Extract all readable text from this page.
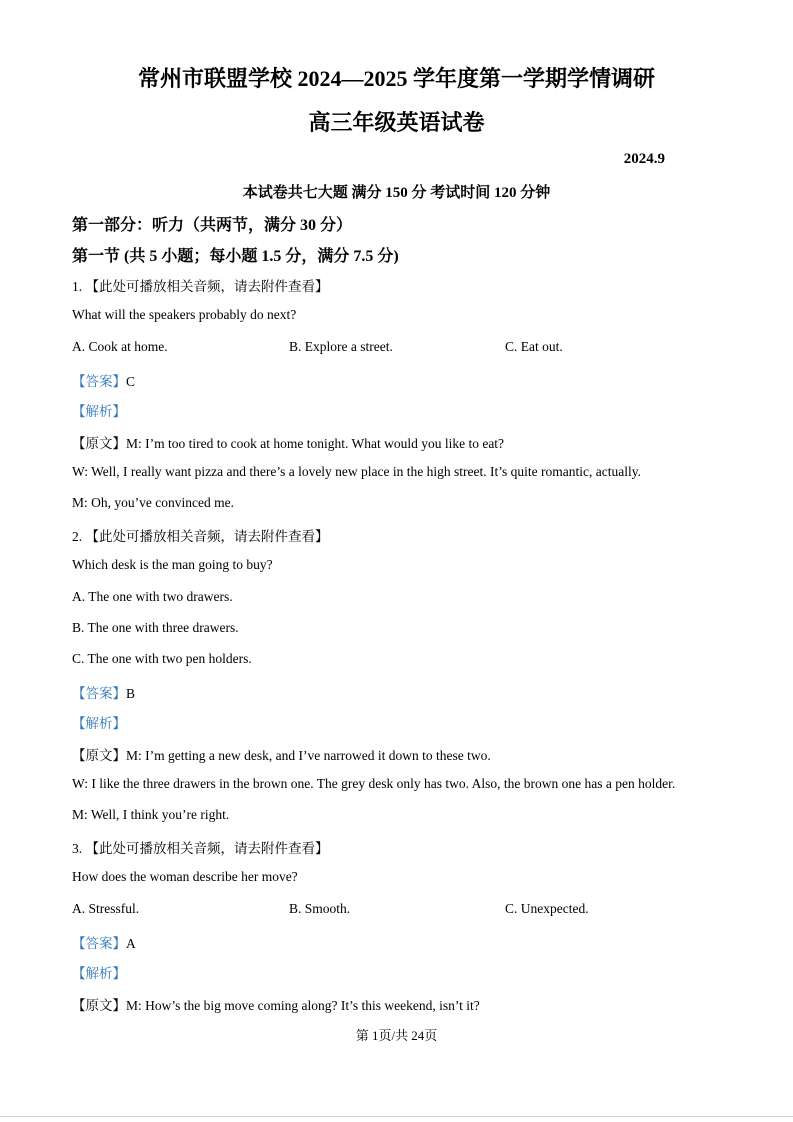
常州市联盟学校 2024—2025 学年度第一学期学情调研
高三年级英语试卷
2024.9
本试卷共七大题 满分 150 分 考试时间 120 分钟
第一部分：听力（共两节，满分 30 分）
第一节 (共 5 小题；每小题 1.5 分，满分 7.5 分)
1. 【此处可播放相关音频，请去附件查看】
What will the speakers probably do next?
A. Cook at home.	B. Explore a street.	C. Eat out.
【答案】C
【解析】
【原文】M: I’m too tired to cook at home tonight. What would you like to eat?
W: Well, I really want pizza and there’s a lovely new place in the high street. It’s quite romantic, actually.
M: Oh, you’ve convinced me.
2. 【此处可播放相关音频，请去附件查看】
Which desk is the man going to buy?
A. The one with two drawers.
B. The one with three drawers.
C. The one with two pen holders.
【答案】B
【解析】
【原文】M: I’m getting a new desk, and I’ve narrowed it down to these two.
W: I like the three drawers in the brown one. The grey desk only has two. Also, the brown one has a pen holder.
M: Well, I think you’re right.
3. 【此处可播放相关音频，请去附件查看】
How does the woman describe her move?
A. Stressful.	B. Smooth.	C. Unexpected.
【答案】A
【解析】
【原文】M: How’s the big move coming along? It’s this weekend, isn’t it?
第 1页/共 24页
